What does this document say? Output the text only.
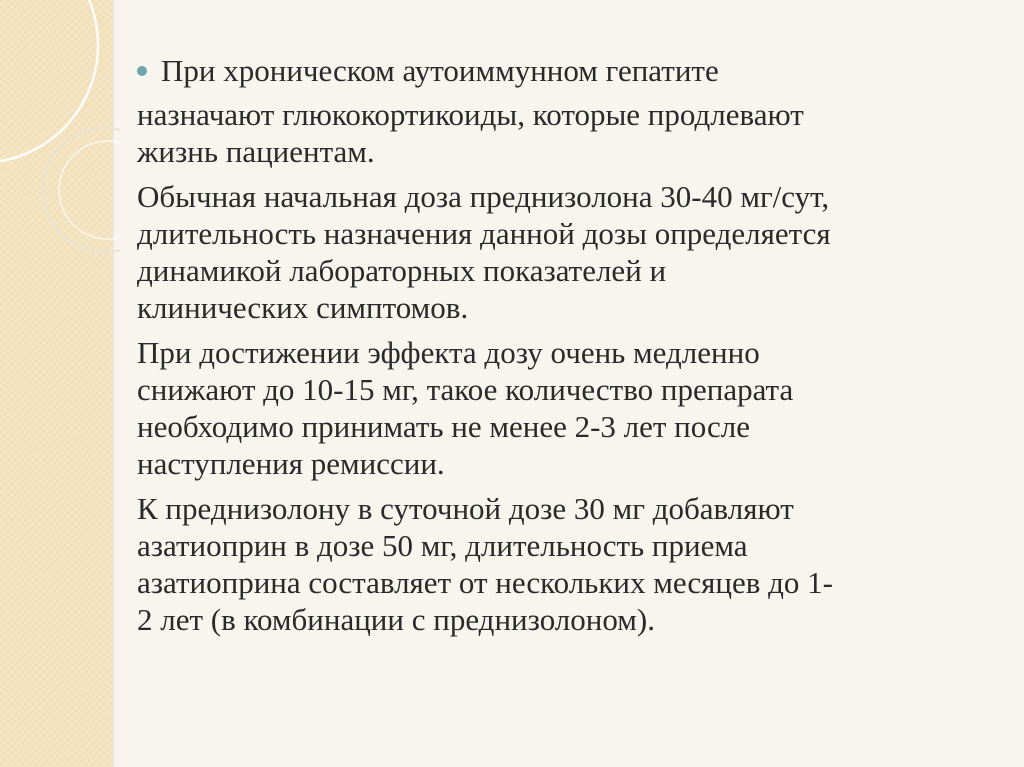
При хроническом аутоиммунном гепатите

назначают глюкокортикоиды, которые продлевают
жизнь пациентам.

Обычная начальная доза преднизолона 30-40 мг/сут,
длительность назначения данной дозы определяется
динамикой лабораторных показателей и
клинических симптомов.

При достижении эффекта дозу очень медленно
снижают до 10-15 мг, такое количество препарата
необходимо принимать не менее 2-3 лет после
наступления ремиссии.

К преднизолону в суточной дозе 30 мг добавляют
азатиоприн в дозе 50 мг, длительность приема
азатиоприна составляет от нескольких месяцев до 1-
2 лет (в комбинации с преднизолоном).
